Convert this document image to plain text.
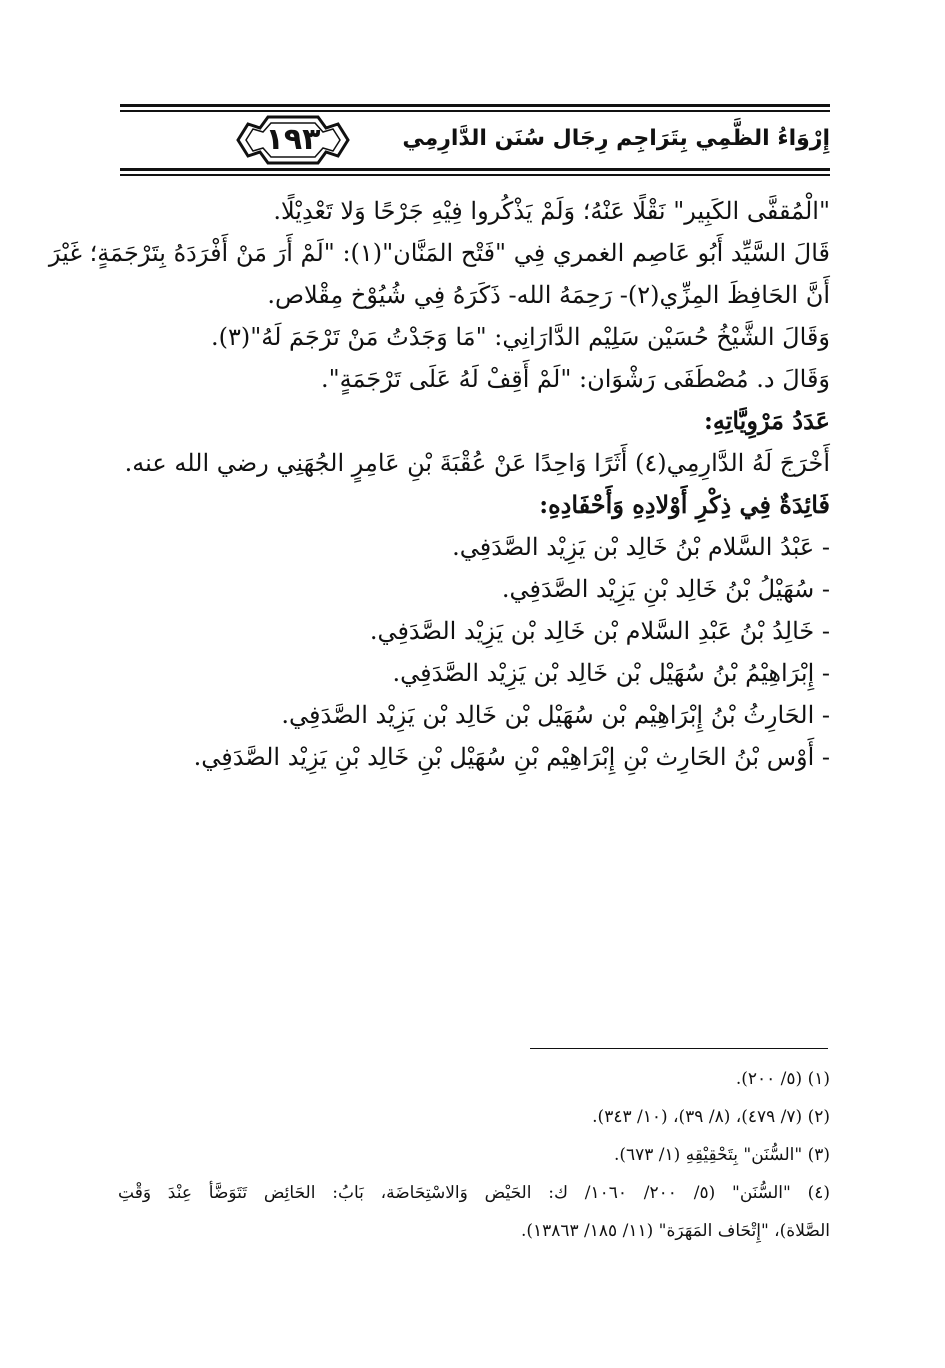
١٩٣	إِرْوَاءُ الظَّمِي بِتَرَاجِم رِجَال سُنَن الدَّارِمِي
"الْمُقفَّى الكَبِير" نَقْلًا عَنْهُ؛ وَلَمْ يَذْكُروا فِيْهِ جَرْحًا وَلا تَعْدِيْلًا.
قَالَ السَّيِّد أَبُو عَاصِم الغمري فِي "فَتْح المَنَّان"(١): "لَمْ أَرَ مَنْ أَفْرَدَهُ بِتَرْجَمَةٍ؛ غَيْرَ
أَنَّ الحَافِظَ المِزِّي(٢)- رَحِمَهُ الله- ذَكَرَهُ فِي شُيُوْخ مِقْلاص.
وَقَالَ الشَّيْخُ حُسَيْن سَلِيْم الدَّارَانِي: "مَا وَجَدْتُ مَنْ تَرْجَمَ لَهُ"(٣).
وَقَالَ د. مُصْطَفَى رَشْوَان: "لَمْ أَقِفْ لَهُ عَلَى تَرْجَمَةٍ".
عَدَدُ مَرْوِيَّاتِهِ:
أَخْرَجَ لَهُ الدَّارِمِي(٤) أَثَرًا وَاحِدًا عَنْ عُقْبَةَ بْنِ عَامِرٍ الجُهَنِي رضي الله عنه.
فَائِدَةٌ فِي ذِكْرِ أَوْلادِهِ وَأَحْفَادِهِ:
- عَبْدُ السَّلام بْنُ خَالِد بْن يَزِيْد الصَّدَفِي.
- سُهَيْلُ بْنُ خَالِد بْنِ يَزِيْد الصَّدَفِي.
- خَالِدُ بْنُ عَبْدِ السَّلام بْن خَالِد بْن يَزِيْد الصَّدَفِي.
- إِبْرَاهِيْمُ بْنُ سُهَيْل بْن خَالِد بْن يَزِيْد الصَّدَفِي.
- الحَارِثُ بْنُ إِبْرَاهِيْم بْن سُهَيْل بْن خَالِد بْن يَزِيْد الصَّدَفِي.
- أَوْس بْنُ الحَارِث بْنِ إِبْرَاهِيْم بْنِ سُهَيْل بْنِ خَالِد بْنِ يَزِيْد الصَّدَفِي.
(١) (٥/ ٢٠٠).
(٢) (٧/ ٤٧٩)، (٨/ ٣٩)، (١٠/ ٣٤٣).
(٣) "السُّنَن" بِتَحْقِيْقِهِ (١/ ٦٧٣).
(٤) "السُّنَن" (٥/ ٢٠٠/ ١٠٦٠/ ك: الحَيْض وَالاسْتِحَاضَة، بَابُ: الحَائِض تَتَوَضَّأ عِنْدَ وَقْتِ
الصَّلاة)، "إِتْحَاف المَهَرَة" (١١/ ١٨٥/ ١٣٨٦٣).
